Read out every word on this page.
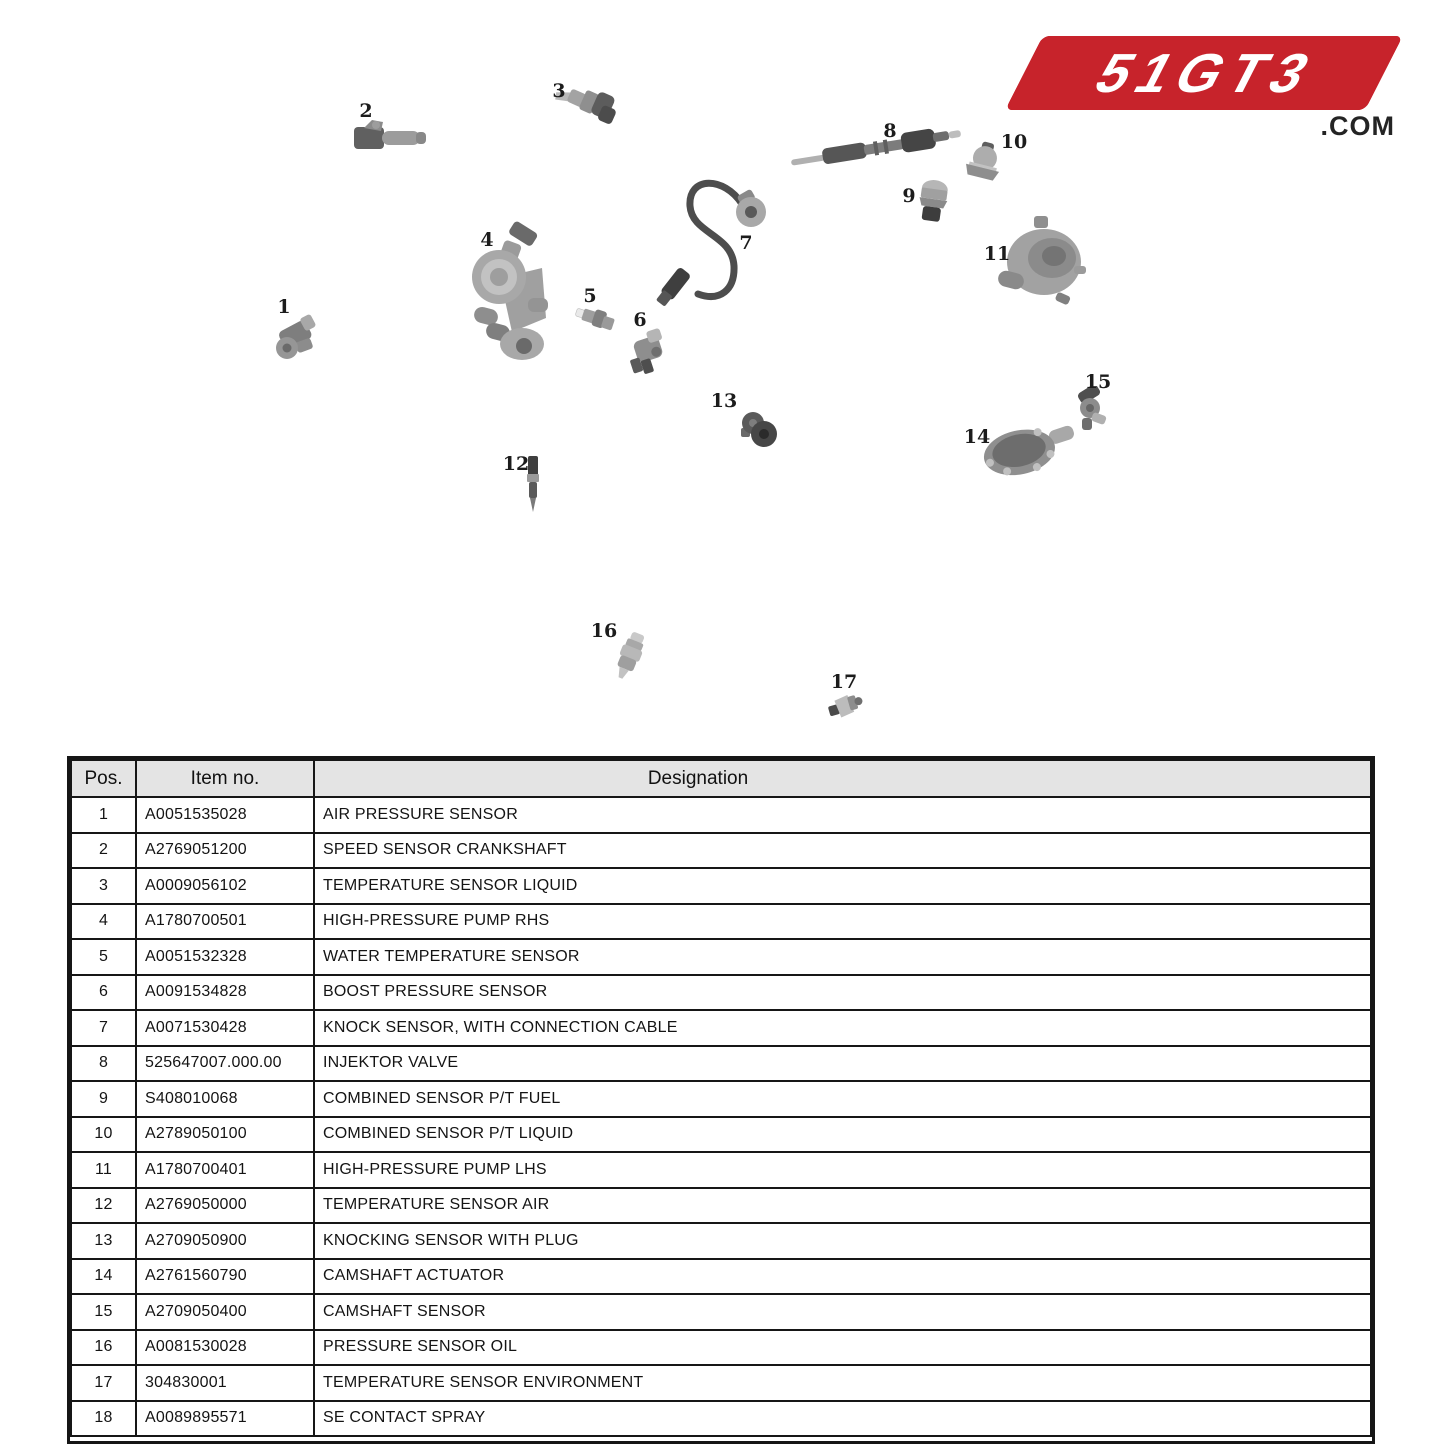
1
2
3
4
5
6
7
8
9
10
11
12
13
14
15
16
17
51GT3
.COM
Pos.	Item no.	Designation
1	A0051535028	AIR PRESSURE SENSOR
2	A2769051200	SPEED SENSOR CRANKSHAFT
3	A0009056102	TEMPERATURE SENSOR LIQUID
4	A1780700501	HIGH-PRESSURE PUMP RHS
5	A0051532328	WATER TEMPERATURE SENSOR
6	A0091534828	BOOST PRESSURE SENSOR
7	A0071530428	KNOCK SENSOR, WITH CONNECTION CABLE
8	525647007.000.00	INJEKTOR VALVE
9	S408010068	COMBINED SENSOR P/T FUEL
10	A2789050100	COMBINED SENSOR P/T LIQUID
11	A1780700401	HIGH-PRESSURE PUMP LHS
12	A2769050000	TEMPERATURE SENSOR AIR
13	A2709050900	KNOCKING SENSOR WITH PLUG
14	A2761560790	CAMSHAFT ACTUATOR
15	A2709050400	CAMSHAFT SENSOR
16	A0081530028	PRESSURE SENSOR OIL
17	304830001	TEMPERATURE SENSOR ENVIRONMENT
18	A0089895571	SE CONTACT SPRAY
